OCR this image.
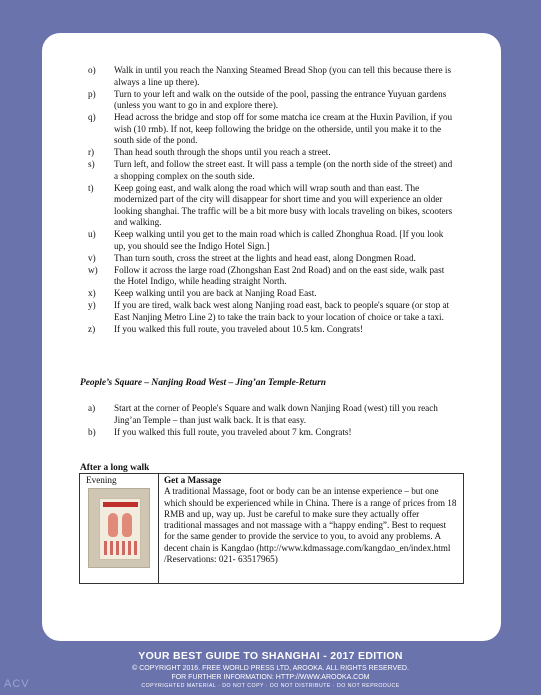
o) Walk in until you reach the Nanxing Steamed Bread Shop (you can tell this because there is always a line up there).
p) Turn to your left and walk on the outside of the pool, passing the entrance Yuyuan gardens (unless you want to go in and explore there).
q) Head across the bridge and stop off for some matcha ice cream at the Huxin Pavilion, if you wish (10 rmb). If not, keep following the bridge on the otherside, until you make it to the south side of the pond.
r) Than head south through the shops until you reach a street.
s) Turn left, and follow the street east. It will pass a temple (on the north side of the street) and a shopping complex on the south side.
t) Keep going east, and walk along the road which will wrap south and than east. The modernized part of the city will disappear for short time and you will experience an older looking shanghai. The traffic will be a bit more busy with locals traveling on bikes, scooters and walking.
u) Keep walking until you get to the main road which is called Zhonghua Road. [If you look up, you should see the Indigo Hotel Sign.]
v) Than turn south, cross the street at the lights and head east, along Dongmen Road.
w) Follow it across the large road (Zhongshan East 2nd Road) and on the east side, walk past the Hotel Indigo, while heading straight North.
x) Keep walking until you are back at Nanjing Road East.
y) If you are tired, walk back west along Nanjing road east, back to people's square (or stop at East Nanjing Metro Line 2) to take the train back to your location of choice or take a taxi.
z) If you walked this full route, you traveled about 10.5 km. Congrats!
People’s Square – Nanjing Road West – Jing’an Temple-Return
a) Start at the corner of People's Square and walk down Nanjing Road (west) till you reach Jing’an Temple – than just walk back. It is that easy.
b) If you walked this full route, you traveled about 7 km. Congrats!
After a long walk
Evening	Get a Massage
A traditional Massage, foot or body can be an intense experience – but one which should be experienced while in China. There is a range of prices from 18 RMB and up, way up. Just be careful to make sure they actually offer traditional massages and not massage with a “happy ending”. Best to request for the same gender to provide the service to you, to avoid any problems. A decent chain is Kangdao (http://www.kdmassage.com/kangdao_en/index.html /Reservations: 021- 63517965)
YOUR BEST GUIDE TO SHANGHAI - 2017 EDITION
© COPYRIGHT 2016. FREE WORLD PRESS LTD, AROOKA. ALL RIGHTS RESERVED.
FOR FURTHER INFORMATION: HTTP://WWW.AROOKA.COM
COPYRIGHTED MATERIAL · DO NOT COPY · DO NOT DISTRIBUTE · DO NOT REPRODUCE
ACV
